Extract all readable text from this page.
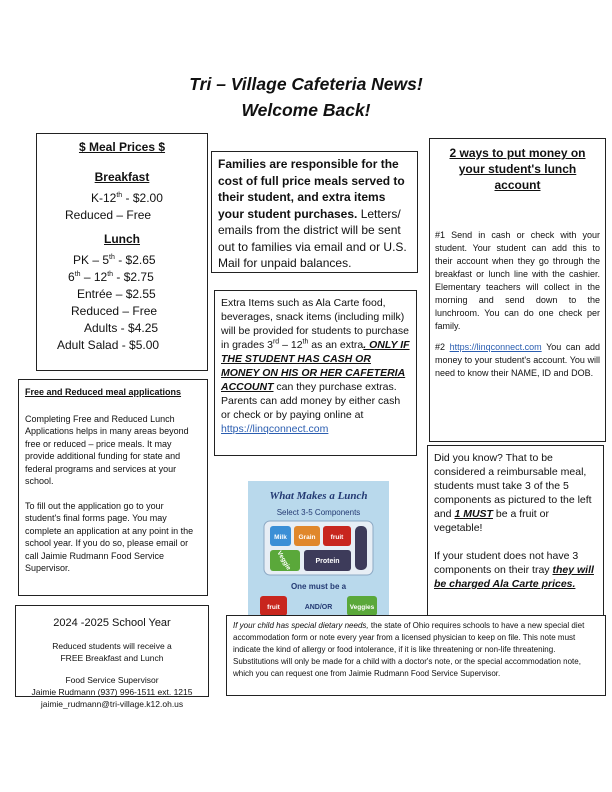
Tri – Village Cafeteria News!
Welcome Back!
$ Meal Prices $
Breakfast
K-12th - $2.00
Reduced – Free
Lunch
PK – 5th - $2.65
6th – 12th - $2.75
Entrée – $2.55
Reduced – Free
Adults - $4.25
Adult Salad - $5.00
Families are responsible for the cost of full price meals served to their student, and extra items your student purchases. Letters/ emails from the district will be sent out to families via email and or U.S. Mail for unpaid balances.
2 ways to put money on your student's lunch account
#1 Send in cash or check with your student. Your student can add this to their account when they go through the breakfast or lunch line with the cashier. Elementary teachers will collect in the morning and send down to the lunchroom. You can do one check per family.
#2 https://linqconnect.com You can add money to your student's account. You will need to know their NAME, ID and DOB.
Extra Items such as Ala Carte food, beverages, snack items (including milk) will be provided for students to purchase in grades 3rd – 12th as an extra. ONLY IF THE STUDENT HAS CASH OR MONEY ON HIS OR HER CAFETERIA ACCOUNT can they purchase extras. Parents can add money by either cash or check or by paying online at https://linqconnect.com
Free and Reduced meal applications
Completing Free and Reduced Lunch Applications helps in many areas beyond free or reduced – price meals. It may provide additional funding for state and federal programs and services at your school.
To fill out the application go to your student's final forms page. You may complete an application at any point in the school year. If you do so, please email or call Jaimie Rudmann Food Service Supervisor.
What Makes a Lunch
Select 3-5 Components
Milk Grain fruit
Veggie	Protein
One must be a
fruit	AND/OR	Veggies
Did you know? That to be considered a reimbursable meal, students must take 3 of the 5 components as pictured to the left and 1 MUST be a fruit or vegetable!
If your student does not have 3 components on their tray they will be charged Ala Carte prices.
2024 -2025 School Year
Reduced students will receive a
FREE Breakfast and Lunch
Food Service Supervisor
Jaimie Rudmann (937) 996-1511 ext. 1215
jaimie_rudmann@tri-village.k12.oh.us
If your child has special dietary needs, the state of Ohio requires schools to have a new special diet accommodation form or note every year from a licensed physician to keep on file. This note must indicate the kind of allergy or food intolerance, if it is like threatening or non-life threatening. Substitutions will only be made for a child with a doctor's note, or the special accommodation note, which you can request one from Jaimie Rudmann Food Service Supervisor.
